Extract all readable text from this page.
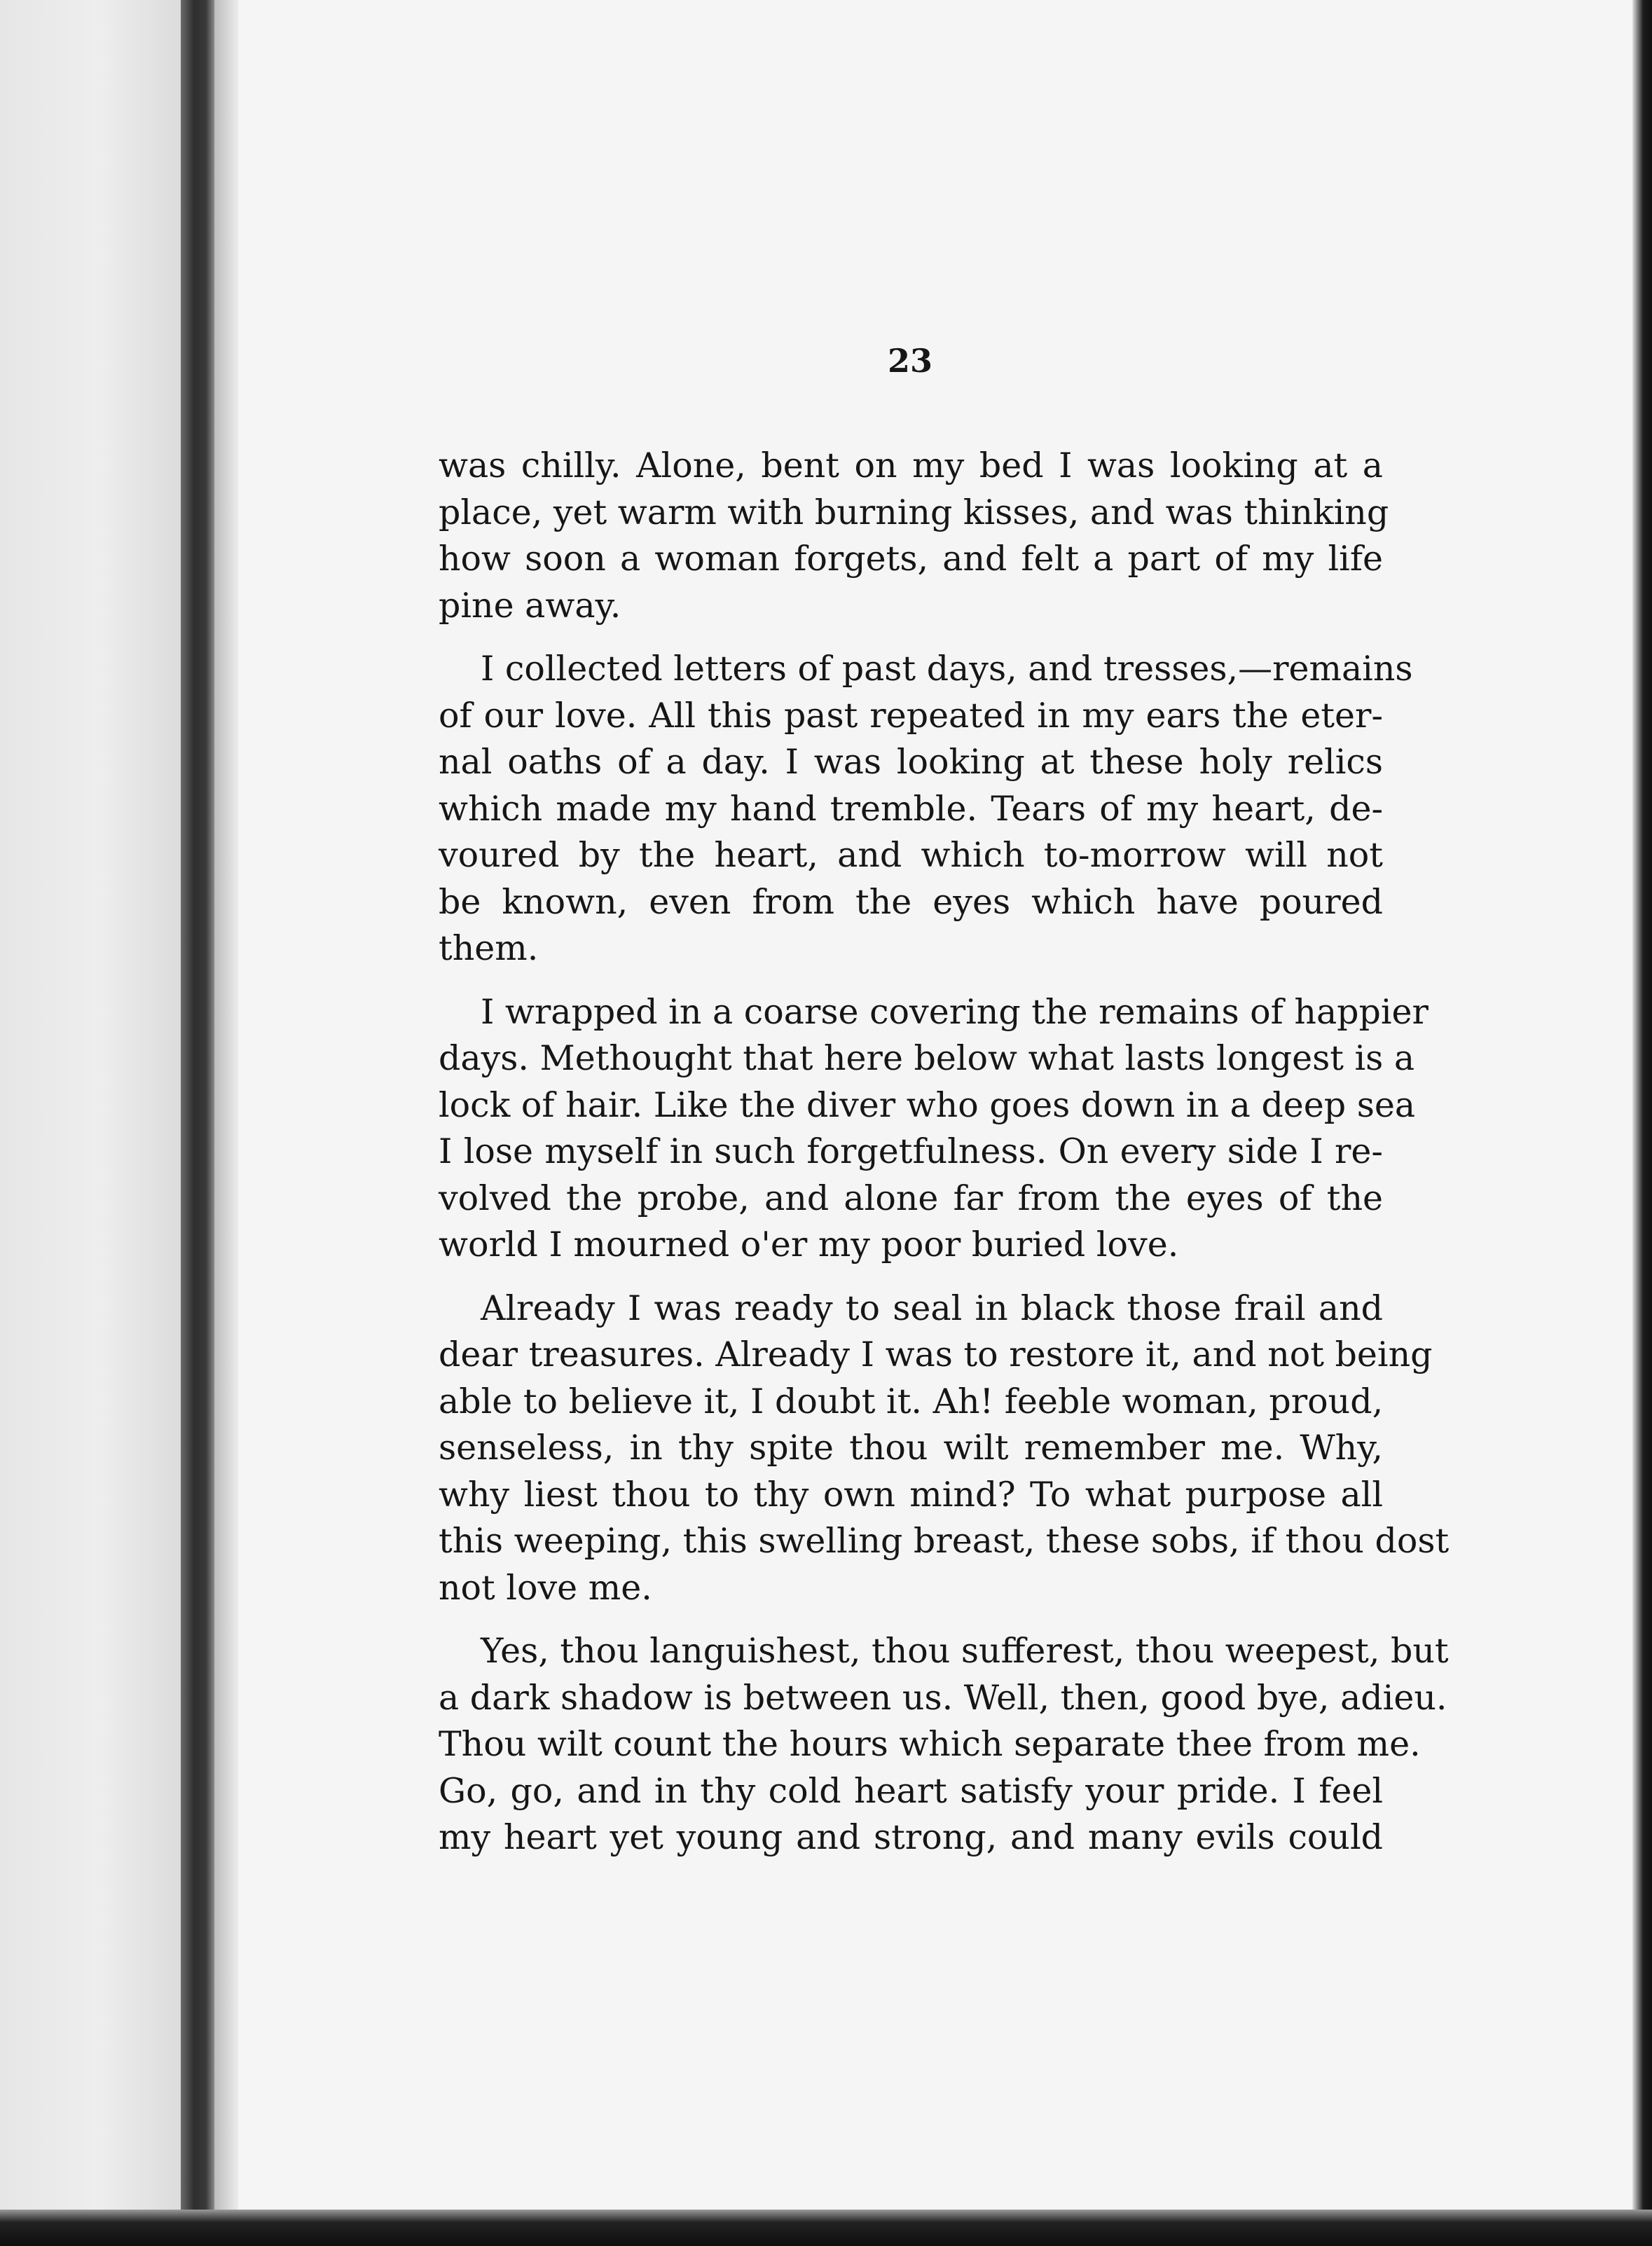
23

was chilly. Alone, bent on my bed I was looking at a
place, yet warm with burning kisses, and was thinking
how soon a woman forgets, and felt a part of my life
pine away.

I collected letters of past days, and tresses,—remains
of our love. All this past repeated in my ears the eter-
nal oaths of a day. I was looking at these holy relics
which made my hand tremble. Tears of my heart, de-
voured by the heart, and which to-morrow will not
be known, even from the eyes which have poured
them.

I wrapped in a coarse covering the remains of happier
days. Methought that here below what lasts longest is a
lock of hair. Like the diver who goes down in a deep sea
I lose myself in such forgetfulness. On every side I re-
volved the probe, and alone far from the eyes of the
world I mourned o'er my poor buried love.

Already I was ready to seal in black those frail and
dear treasures. Already I was to restore it, and not being
able to believe it, I doubt it. Ah! feeble woman, proud,
senseless, in thy spite thou wilt remember me. Why,
why liest thou to thy own mind? To what purpose all
this weeping, this swelling breast, these sobs, if thou dost
not love me.

Yes, thou languishest, thou sufferest, thou weepest, but
a dark shadow is between us. Well, then, good bye, adieu.
Thou wilt count the hours which separate thee from me.
Go, go, and in thy cold heart satisfy your pride. I feel
my heart yet young and strong, and many evils could
